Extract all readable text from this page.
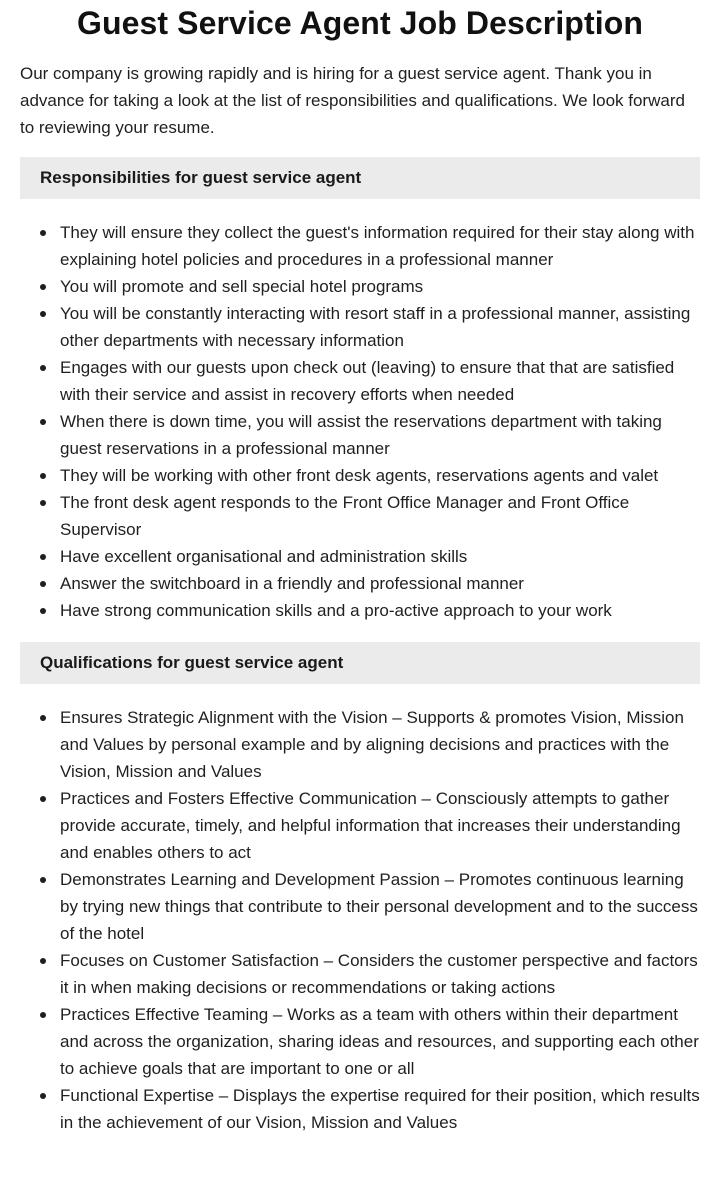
Guest Service Agent Job Description

Our company is growing rapidly and is hiring for a guest service agent. Thank you in advance for taking a look at the list of responsibilities and qualifications. We look forward to reviewing your resume.

Responsibilities for guest service agent
They will ensure they collect the guest's information required for their stay along with explaining hotel policies and procedures in a professional manner
You will promote and sell special hotel programs
You will be constantly interacting with resort staff in a professional manner, assisting other departments with necessary information
Engages with our guests upon check out (leaving) to ensure that that are satisfied with their service and assist in recovery efforts when needed
When there is down time, you will assist the reservations department with taking guest reservations in a professional manner
They will be working with other front desk agents, reservations agents and valet
The front desk agent responds to the Front Office Manager and Front Office Supervisor
Have excellent organisational and administration skills
Answer the switchboard in a friendly and professional manner
Have strong communication skills and a pro-active approach to your work
Qualifications for guest service agent
Ensures Strategic Alignment with the Vision – Supports & promotes Vision, Mission and Values by personal example and by aligning decisions and practices with the Vision, Mission and Values
Practices and Fosters Effective Communication – Consciously attempts to gather provide accurate, timely, and helpful information that increases their understanding and enables others to act
Demonstrates Learning and Development Passion – Promotes continuous learning by trying new things that contribute to their personal development and to the success of the hotel
Focuses on Customer Satisfaction – Considers the customer perspective and factors it in when making decisions or recommendations or taking actions
Practices Effective Teaming – Works as a team with others within their department and across the organization, sharing ideas and resources, and supporting each other to achieve goals that are important to one or all
Functional Expertise – Displays the expertise required for their position, which results in the achievement of our Vision, Mission and Values
